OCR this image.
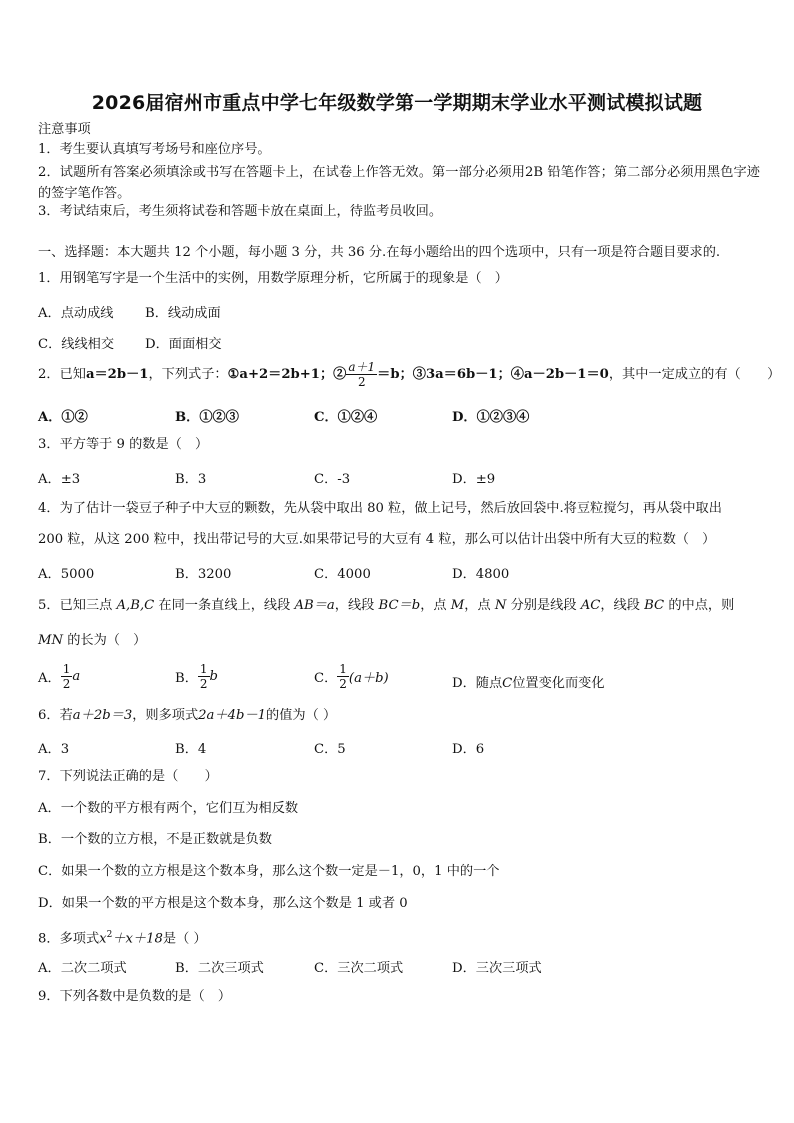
2026届宿州市重点中学七年级数学第一学期期末学业水平测试模拟试题
注意事项
1．考生要认真填写考场号和座位序号。
2．试题所有答案必须填涂或书写在答题卡上，在试卷上作答无效。第一部分必须用2B 铅笔作答；第二部分必须用黑色字迹的签字笔作答。
3．考试结束后，考生须将试卷和答题卡放在桌面上，待监考员收回。
一、选择题：本大题共 12 个小题，每小题 3 分，共 36 分.在每小题给出的四个选项中，只有一项是符合题目要求的.
1．用钢笔写字是一个生活中的实例，用数学原理分析，它所属于的现象是（　）
A．点动成线 B．线动成面
C．线线相交 D．面面相交
2．已知a＝2b－1，下列式子：①a+2＝2b+1；② $\frac{a+1}{2} =b$；③3a＝6b－1；④a－2b－1＝0，其中一定成立的有（　　）
A．①②	B．①②③	C．①②④	D．①②③④
3．平方等于 9 的数是（　）
A．±3	B．3	C．-3	D．±9
4．为了估计一袋豆子种子中大豆的颗数，先从袋中取出 80 粒，做上记号，然后放回袋中.将豆粒搅匀，再从袋中取出
200 粒，从这 200 粒中，找出带记号的大豆.如果带记号的大豆有 4 粒，那么可以估计出袋中所有大豆的粒数（　）
A．5000	B．3200	C．4000	D．4800
5．已知三点 A,B,C 在同一条直线上，线段 AB＝a，线段 BC＝b，点 M，点 N 分别是线段 AC，线段 BC 的中点，则
MN 的长为（　）
A． $\frac{1}{2}$ a	B． $\frac{1}{2}$ b	C． $\frac{1}{2} (a+b)$	D．随点C位置变化而变化
6．若a＋2b＝3，则多项式2a＋4b－1的值为（ ）
A．3	B．4	C．5	D．6
7．下列说法正确的是（　　）
A．一个数的平方根有两个，它们互为相反数
B．一个数的立方根，不是正数就是负数
C．如果一个数的立方根是这个数本身，那么这个数一定是－1，0，1 中的一个
D．如果一个数的平方根是这个数本身，那么这个数是 1 或者 0
8．多项式$x^2+x+18$是（ ）
A．二次二项式	B．二次三项式	C．三次二项式	D．三次三项式
9．下列各数中是负数的是（　）
